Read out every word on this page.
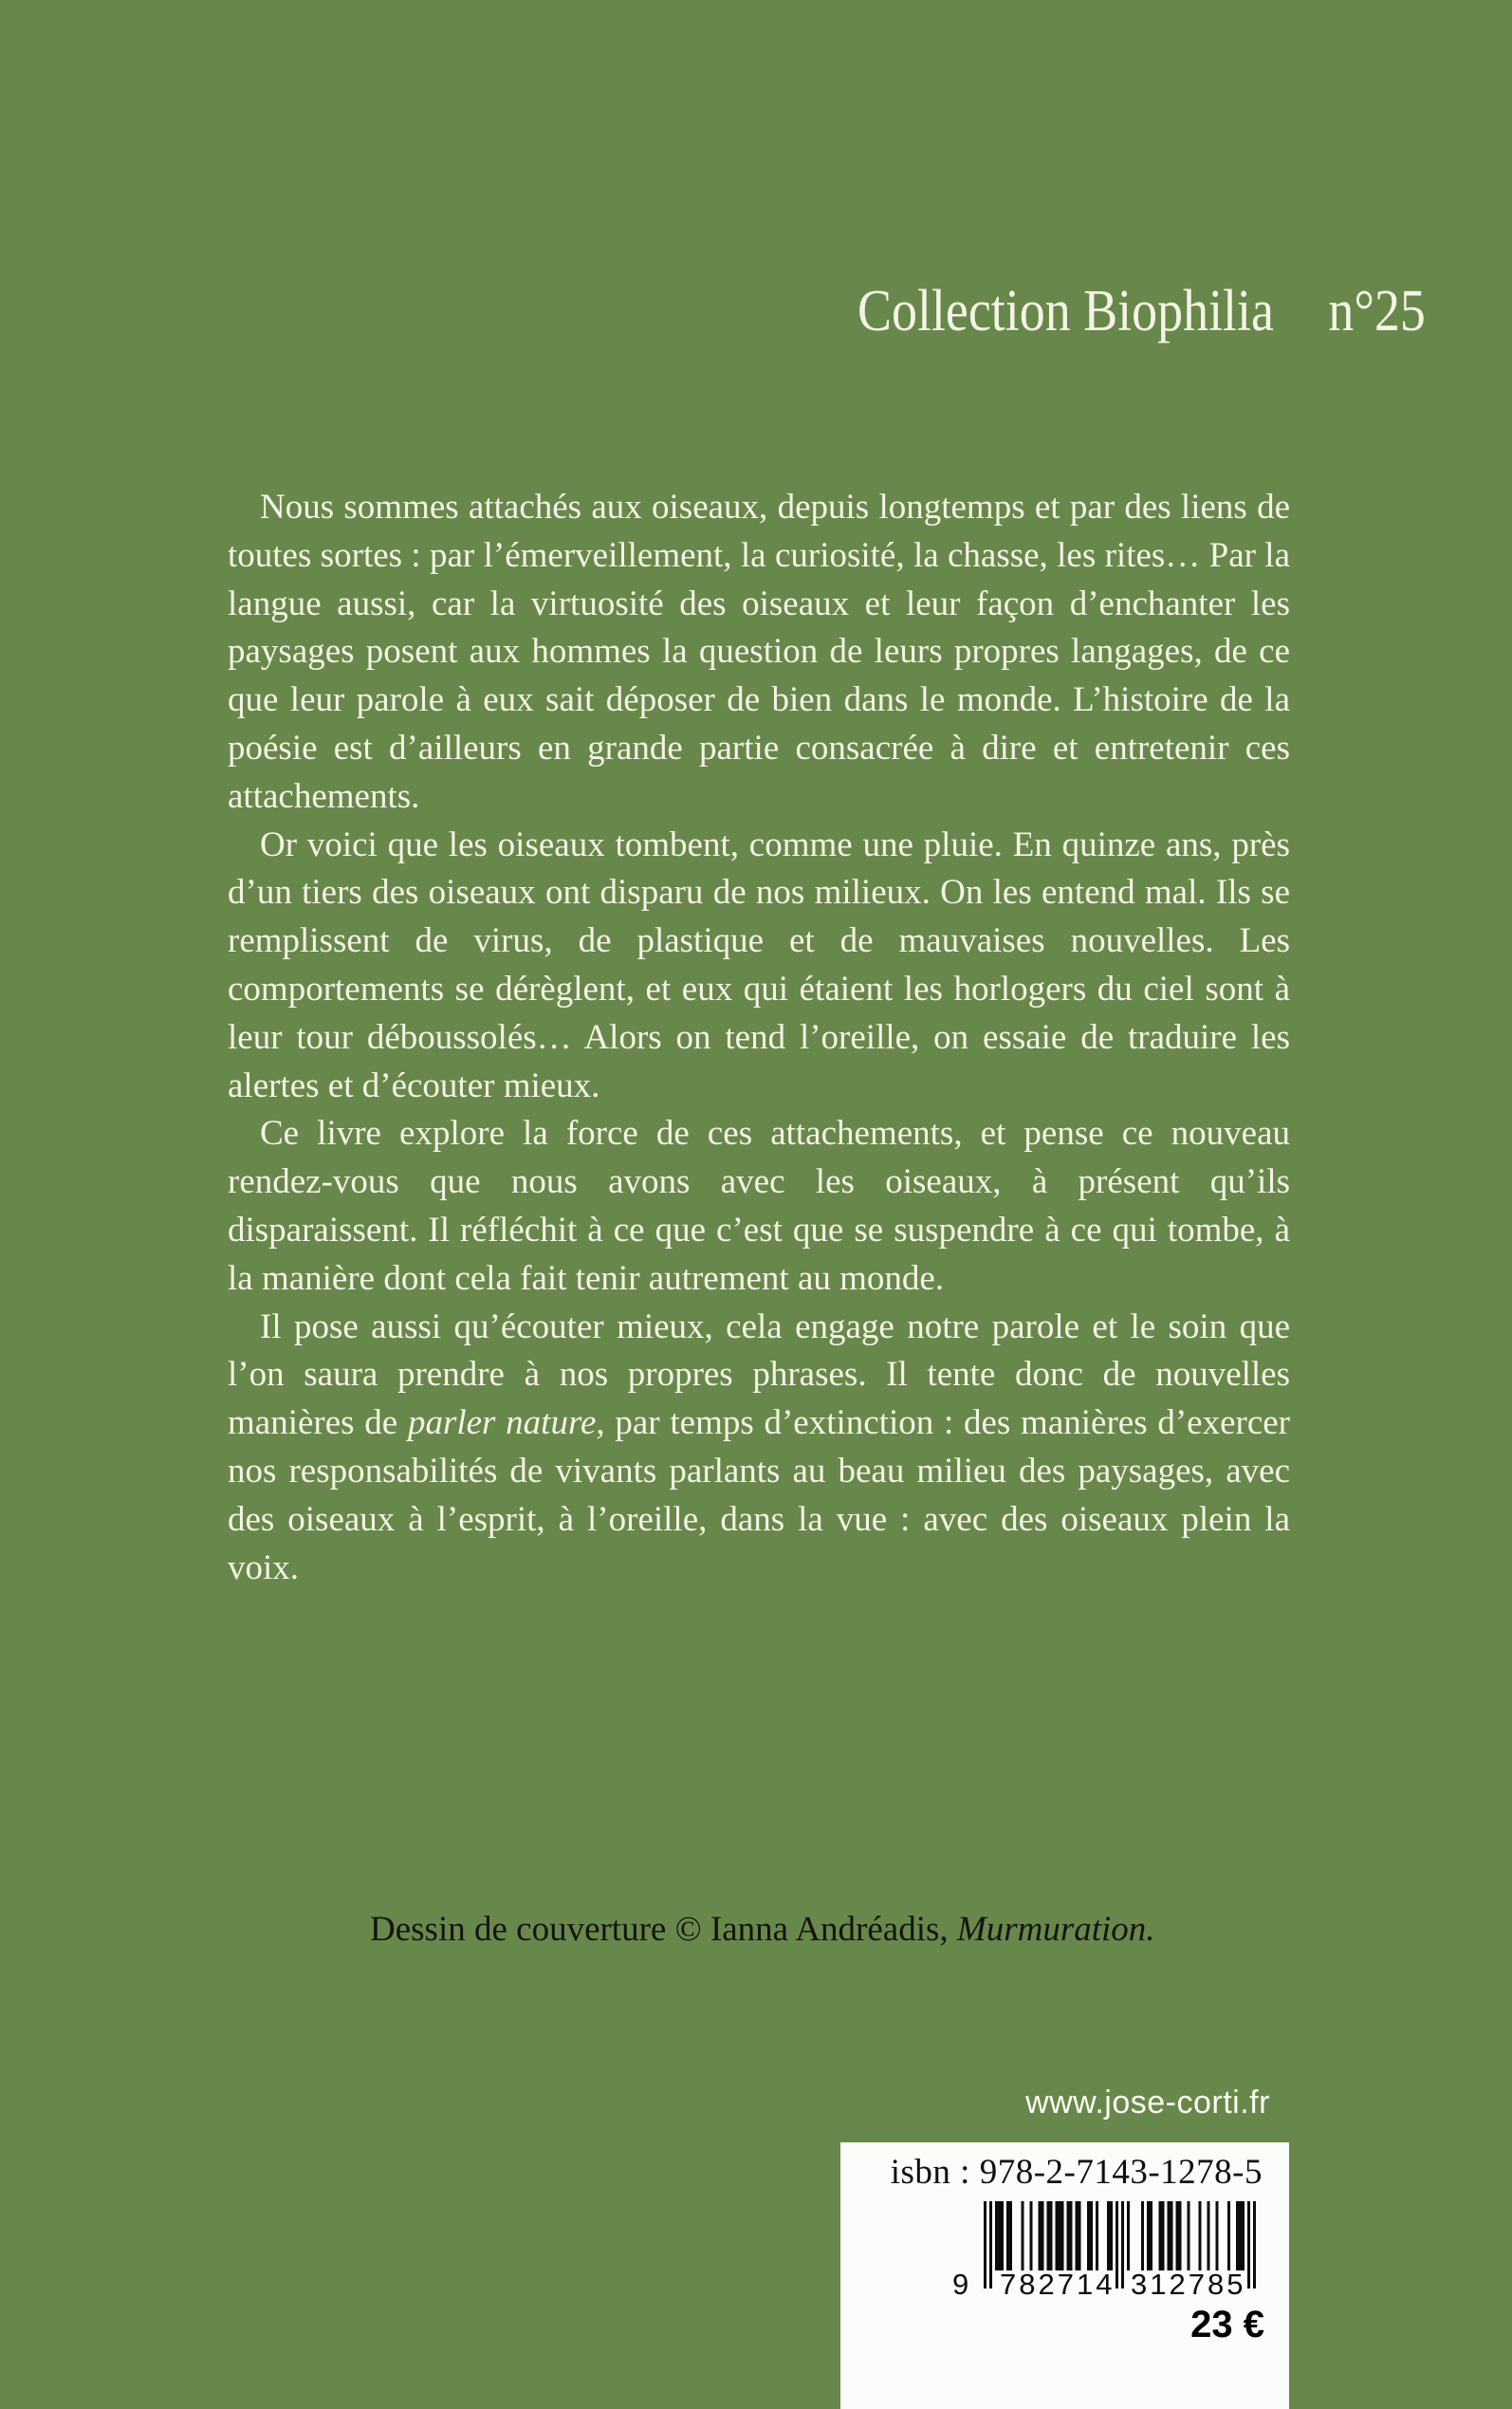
Collection Biophilia n°25

Nous sommes attachés aux oiseaux, depuis longtemps et par des liens de toutes sortes : par l’émerveillement, la curiosité, la chasse, les rites… Par la langue aussi, car la virtuosité des oiseaux et leur façon d’enchanter les paysages posent aux hommes la question de leurs propres langages, de ce que leur parole à eux sait déposer de bien dans le monde. L’histoire de la poésie est d’ailleurs en grande partie consacrée à dire et entretenir ces attachements.

Or voici que les oiseaux tombent, comme une pluie. En quinze ans, près d’un tiers des oiseaux ont disparu de nos milieux. On les entend mal. Ils se remplissent de virus, de plastique et de mauvaises nouvelles. Les comportements se dérèglent, et eux qui étaient les horlogers du ciel sont à leur tour déboussolés… Alors on tend l’oreille, on essaie de traduire les alertes et d’écouter mieux.

Ce livre explore la force de ces attachements, et pense ce nouveau rendez-vous que nous avons avec les oiseaux, à présent qu’ils disparaissent. Il réfléchit à ce que c’est que se suspendre à ce qui tombe, à la manière dont cela fait tenir autrement au monde.

Il pose aussi qu’écouter mieux, cela engage notre parole et le soin que l’on saura prendre à nos propres phrases. Il tente donc de nouvelles manières de parler nature, par temps d’extinction : des manières d’exercer nos responsabilités de vivants parlants au beau milieu des paysages, avec des oiseaux à l’esprit, à l’oreille, dans la vue : avec des oiseaux plein la voix.

Dessin de couverture © Ianna Andréadis, Murmuration.
www.jose-corti.fr
isbn : 978-2-7143-1278-5
9 782714 312785
23 €
